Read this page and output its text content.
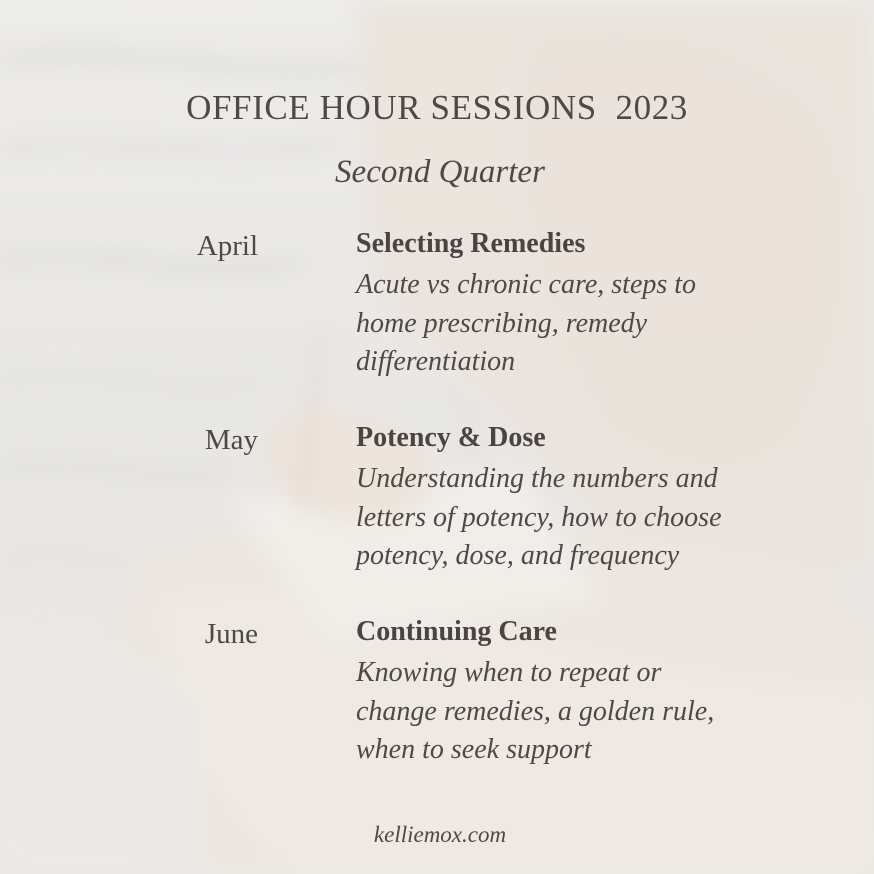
OFFICE HOUR SESSIONS  2023
Second Quarter
April	Selecting Remedies
Acute vs chronic care, steps to
home prescribing, remedy
differentiation
May	Potency & Dose
Understanding the numbers and
letters of potency, how to choose
potency, dose, and frequency
June	Continuing Care
Knowing when to repeat or
change remedies, a golden rule,
when to seek support
kelliemox.com
